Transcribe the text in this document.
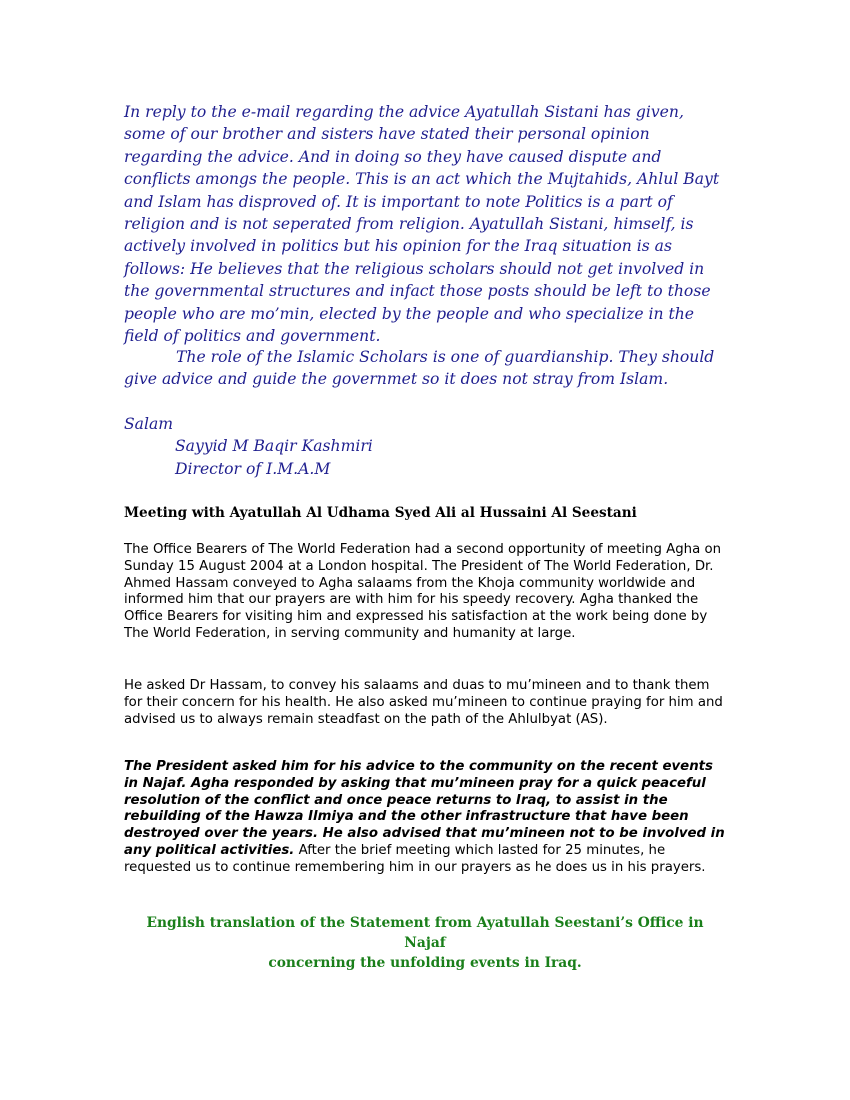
In reply to the e-mail regarding the advice Ayatullah Sistani has given, some of our brother and sisters have stated their personal opinion regarding the advice. And in doing so they have caused dispute and conflicts amongs the people. This is an act which the Mujtahids, Ahlul Bayt and Islam has disproved of. It is important to note Politics is a part of religion and is not seperated from religion. Ayatullah Sistani, himself, is actively involved in politics but his opinion for the Iraq situation is as follows: He believes that the religious scholars should not get involved in the governmental structures and infact those posts should be left to those people who are mo’min, elected by the people and who specialize in the field of politics and government.

The role of the Islamic Scholars is one of guardianship. They should give advice and guide the governmet so it does not stray from Islam.

Salam
Sayyid M Baqir Kashmiri
Director of I.M.A.M
Meeting with Ayatullah Al Udhama Syed Ali al Hussaini Al Seestani

The Office Bearers of The World Federation had a second opportunity of meeting Agha on Sunday 15 August 2004 at a London hospital. The President of The World Federation, Dr. Ahmed Hassam conveyed to Agha salaams from the Khoja community worldwide and informed him that our prayers are with him for his speedy recovery. Agha thanked the Office Bearers for visiting him and expressed his satisfaction at the work being done by The World Federation, in serving community and humanity at large.

He asked Dr Hassam, to convey his salaams and duas to mu’mineen and to thank them for their concern for his health. He also asked mu’mineen to continue praying for him and advised us to always remain steadfast on the path of the Ahlulbyat (AS).

The President asked him for his advice to the community on the recent events in Najaf. Agha responded by asking that mu’mineen pray for a quick peaceful resolution of the conflict and once peace returns to Iraq, to assist in the rebuilding of the Hawza Ilmiya and the other infrastructure that have been destroyed over the years. He also advised that mu’mineen not to be involved in any political activities. After the brief meeting which lasted for 25 minutes, he requested us to continue remembering him in our prayers as he does us in his prayers.

English translation of the Statement from Ayatullah Seestani’s Office in Najaf
concerning the unfolding events in Iraq.
